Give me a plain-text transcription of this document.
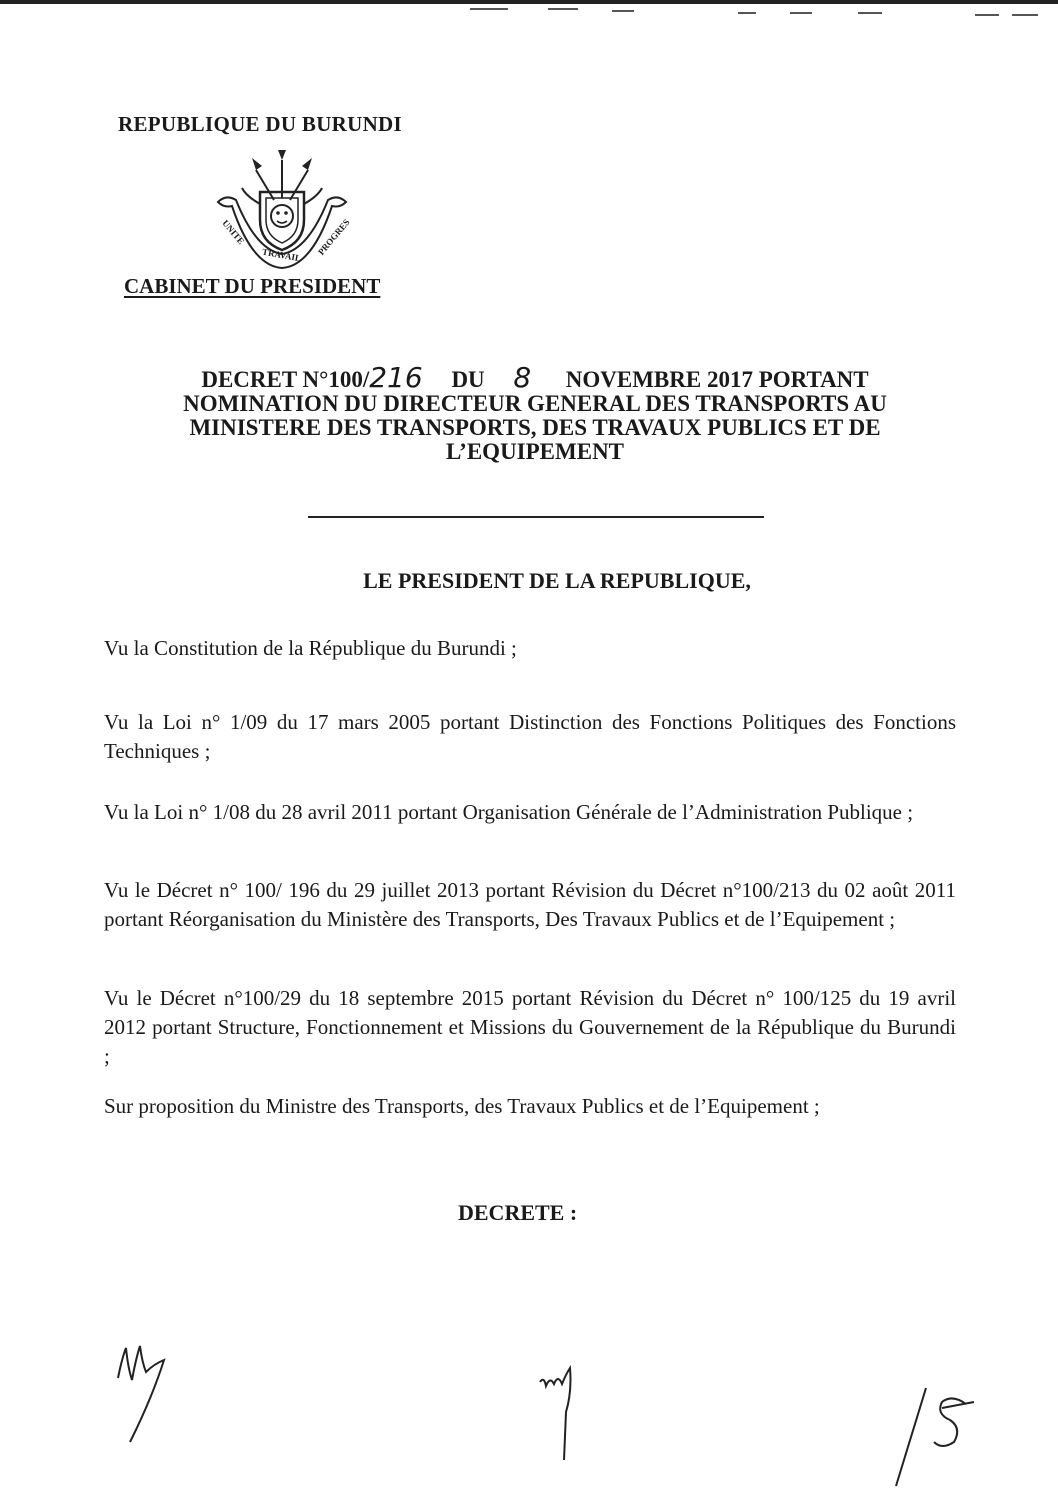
REPUBLIQUE DU BURUNDI
UNITE
TRAVAIL PROGRES
CABINET DU PRESIDENT
DECRET N°100/216 DU 8 NOVEMBRE 2017 PORTANT
NOMINATION DU DIRECTEUR GENERAL DES TRANSPORTS AU
MINISTERE DES TRANSPORTS, DES TRAVAUX PUBLICS ET DE
L’EQUIPEMENT
LE PRESIDENT DE LA REPUBLIQUE,
Vu la Constitution de la République du Burundi ;
Vu la Loi n° 1/09 du 17 mars 2005 portant Distinction des Fonctions Politiques des Fonctions Techniques ;
Vu la Loi n° 1/08 du 28 avril 2011 portant Organisation Générale de l’Administration Publique ;
Vu le Décret n° 100/ 196 du 29 juillet 2013 portant Révision du Décret n°100/213 du 02 août 2011 portant Réorganisation du Ministère des Transports, Des Travaux Publics et de l’Equipement ;
Vu le Décret n°100/29 du 18 septembre 2015 portant Révision du Décret n° 100/125 du 19 avril 2012 portant Structure, Fonctionnement et Missions du Gouvernement de la République du Burundi ;
Sur proposition du Ministre des Transports, des Travaux Publics et de l’Equipement ;
DECRETE :
